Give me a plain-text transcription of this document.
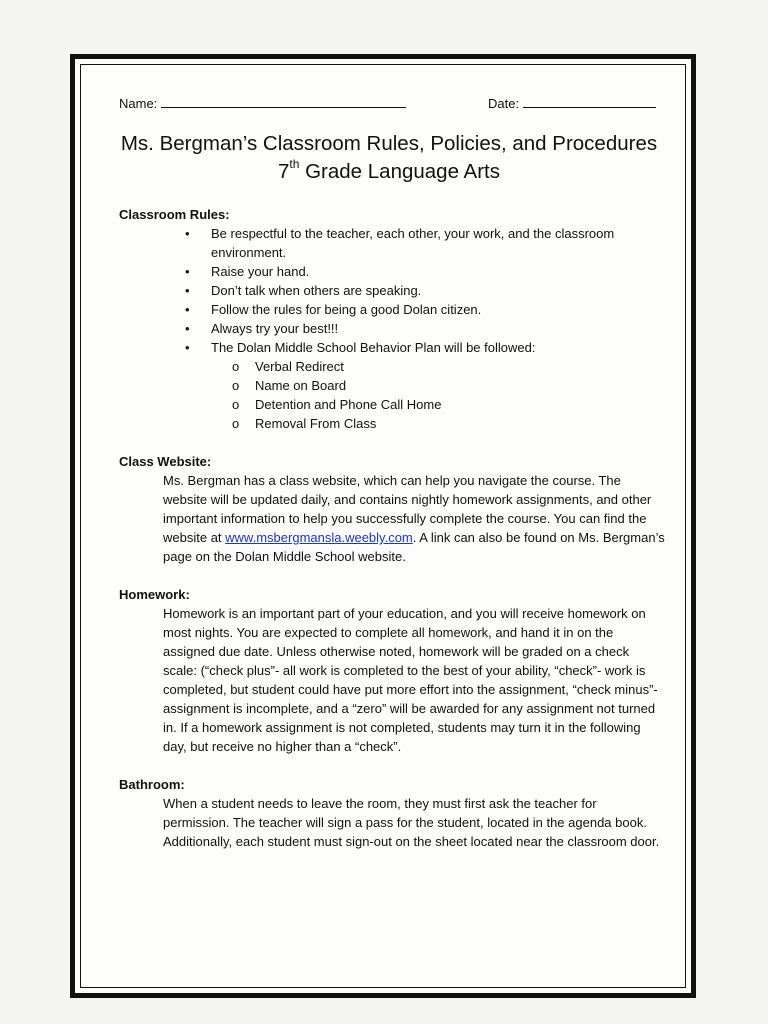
Name:	Date:
Ms. Bergman’s Classroom Rules, Policies, and Procedures
7th Grade Language Arts
Classroom Rules:
• Be respectful to the teacher, each other, your work, and the classroom environment.
• Raise your hand.
• Don’t talk when others are speaking.
• Follow the rules for being a good Dolan citizen.
• Always try your best!!!
• The Dolan Middle School Behavior Plan will be followed:
o Verbal Redirect
o Name on Board
o Detention and Phone Call Home
o Removal From Class
Class Website:
Ms. Bergman has a class website, which can help you navigate the course. The website will be updated daily, and contains nightly homework assignments, and other important information to help you successfully complete the course. You can find the website at www.msbergmansla.weebly.com. A link can also be found on Ms. Bergman’s page on the Dolan Middle School website.
Homework:
Homework is an important part of your education, and you will receive homework on most nights. You are expected to complete all homework, and hand it in on the assigned due date. Unless otherwise noted, homework will be graded on a check scale: (“check plus”- all work is completed to the best of your ability, “check”- work is completed, but student could have put more effort into the assignment, “check minus”- assignment is incomplete, and a “zero” will be awarded for any assignment not turned in. If a homework assignment is not completed, students may turn it in the following day, but receive no higher than a “check”.
Bathroom:
When a student needs to leave the room, they must first ask the teacher for permission. The teacher will sign a pass for the student, located in the agenda book. Additionally, each student must sign-out on the sheet located near the classroom door.
